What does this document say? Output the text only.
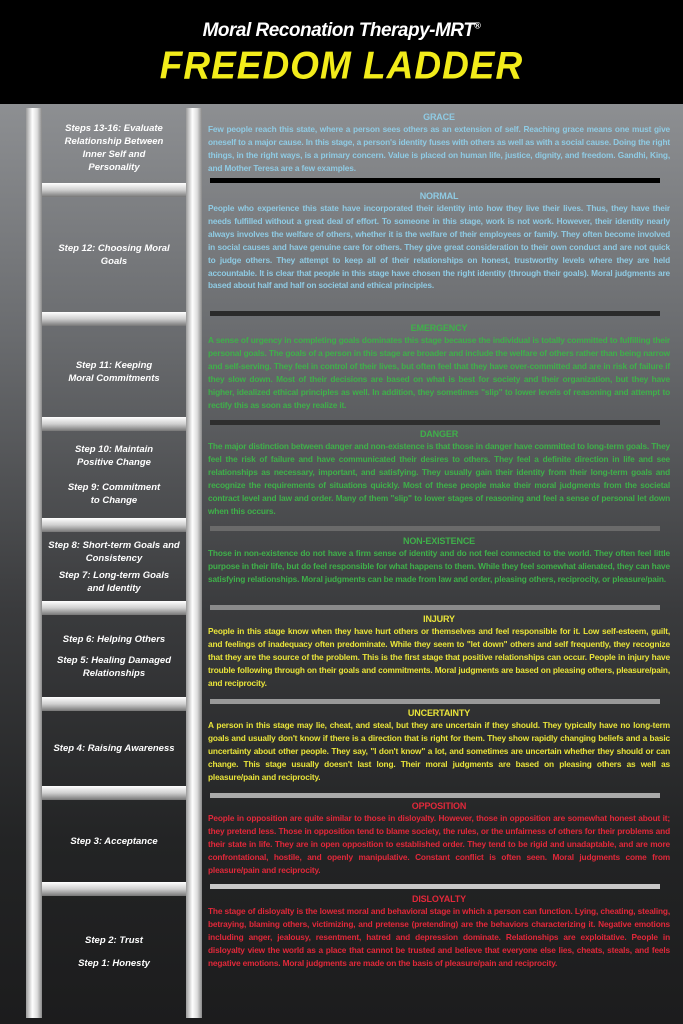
Moral Reconation Therapy-MRT®
FREEDOM LADDER
Steps 13-16: Evaluate Relationship Between Inner Self and Personality
Step 12: Choosing Moral Goals
Step 11: Keeping Moral Commitments
Step 10: Maintain Positive Change
Step 9: Commitment to Change
Step 8: Short-term Goals and Consistency
Step 7: Long-term Goals and Identity
Step 6: Helping Others
Step 5: Healing Damaged Relationships
Step 4: Raising Awareness
Step 3: Acceptance
Step 2: Trust
Step 1: Honesty
GRACE

Few people reach this state, where a person sees others as an extension of self. Reaching grace means one must give oneself to a major cause. In this stage, a person's identity fuses with others as well as with a social cause. Doing the right things, in the right ways, is a primary concern. Value is placed on human life, justice, dignity, and freedom. Gandhi, King, and Mother Teresa are a few examples.

NORMAL

People who experience this state have incorporated their identity into how they live their lives. Thus, they have their needs fulfilled without a great deal of effort. To someone in this stage, work is not work. However, their identity nearly always involves the welfare of others, whether it is the welfare of their employees or family. They often become involved in social causes and have genuine care for others. They give great consideration to their own conduct and are not quick to judge others. They attempt to keep all of their relationships on honest, trustworthy levels where they are held accountable. It is clear that people in this stage have chosen the right identity (through their goals). Moral judgments are based about half and half on societal and ethical principles.

EMERGENCY

A sense of urgency in completing goals dominates this stage because the individual is totally committed to fulfilling their personal goals. The goals of a person in this stage are broader and include the welfare of others rather than being narrow and self-serving. They feel in control of their lives, but often feel that they have over-committed and are in risk of failure if they slow down. Most of their decisions are based on what is best for society and their organization, but they have higher, idealized ethical principles as well. In addition, they sometimes "slip" to lower levels of reasoning and attempt to rectify this as soon as they realize it.

DANGER

The major distinction between danger and non-existence is that those in danger have committed to long-term goals. They feel the risk of failure and have communicated their desires to others. They feel a definite direction in life and see relationships as necessary, important, and satisfying. They usually gain their identity from their long-term goals and recognize the requirements of situations quickly. Most of these people make their moral judgments from the societal contract level and law and order. Many of them "slip" to lower stages of reasoning and feel a sense of personal let down when this occurs.

NON-EXISTENCE

Those in non-existence do not have a firm sense of identity and do not feel connected to the world. They often feel little purpose in their life, but do feel responsible for what happens to them. While they feel somewhat alienated, they can have satisfying relationships. Moral judgments can be made from law and order, pleasing others, reciprocity, or pleasure/pain.

INJURY

People in this stage know when they have hurt others or themselves and feel responsible for it. Low self-esteem, guilt, and feelings of inadequacy often predominate. While they seem to "let down" others and self frequently, they recognize that they are the source of the problem. This is the first stage that positive relationships can occur. People in injury have trouble following through on their goals and commitments. Moral judgments are based on pleasing others, pleasure/pain, and reciprocity.

UNCERTAINTY

A person in this stage may lie, cheat, and steal, but they are uncertain if they should. They typically have no long-term goals and usually don't know if there is a direction that is right for them. They show rapidly changing beliefs and a basic uncertainty about other people. They say, "I don't know" a lot, and sometimes are uncertain whether they should or can change. This stage usually doesn't last long. Their moral judgments are based on pleasing others as well as pleasure/pain and reciprocity.

OPPOSITION

People in opposition are quite similar to those in disloyalty. However, those in opposition are somewhat honest about it; they pretend less. Those in opposition tend to blame society, the rules, or the unfairness of others for their problems and their state in life. They are in open opposition to established order. They tend to be rigid and unadaptable, and are more confrontational, hostile, and openly manipulative. Constant conflict is often seen. Moral judgments come from pleasure/pain and reciprocity.

DISLOYALTY

The stage of disloyalty is the lowest moral and behavioral stage in which a person can function. Lying, cheating, stealing, betraying, blaming others, victimizing, and pretense (pretending) are the behaviors characterizing it. Negative emotions including anger, jealousy, resentment, hatred and depression dominate. Relationships are exploitative. People in disloyalty view the world as a place that cannot be trusted and believe that everyone else lies, cheats, steals, and feels negative emotions. Moral judgments are made on the basis of pleasure/pain and reciprocity.
